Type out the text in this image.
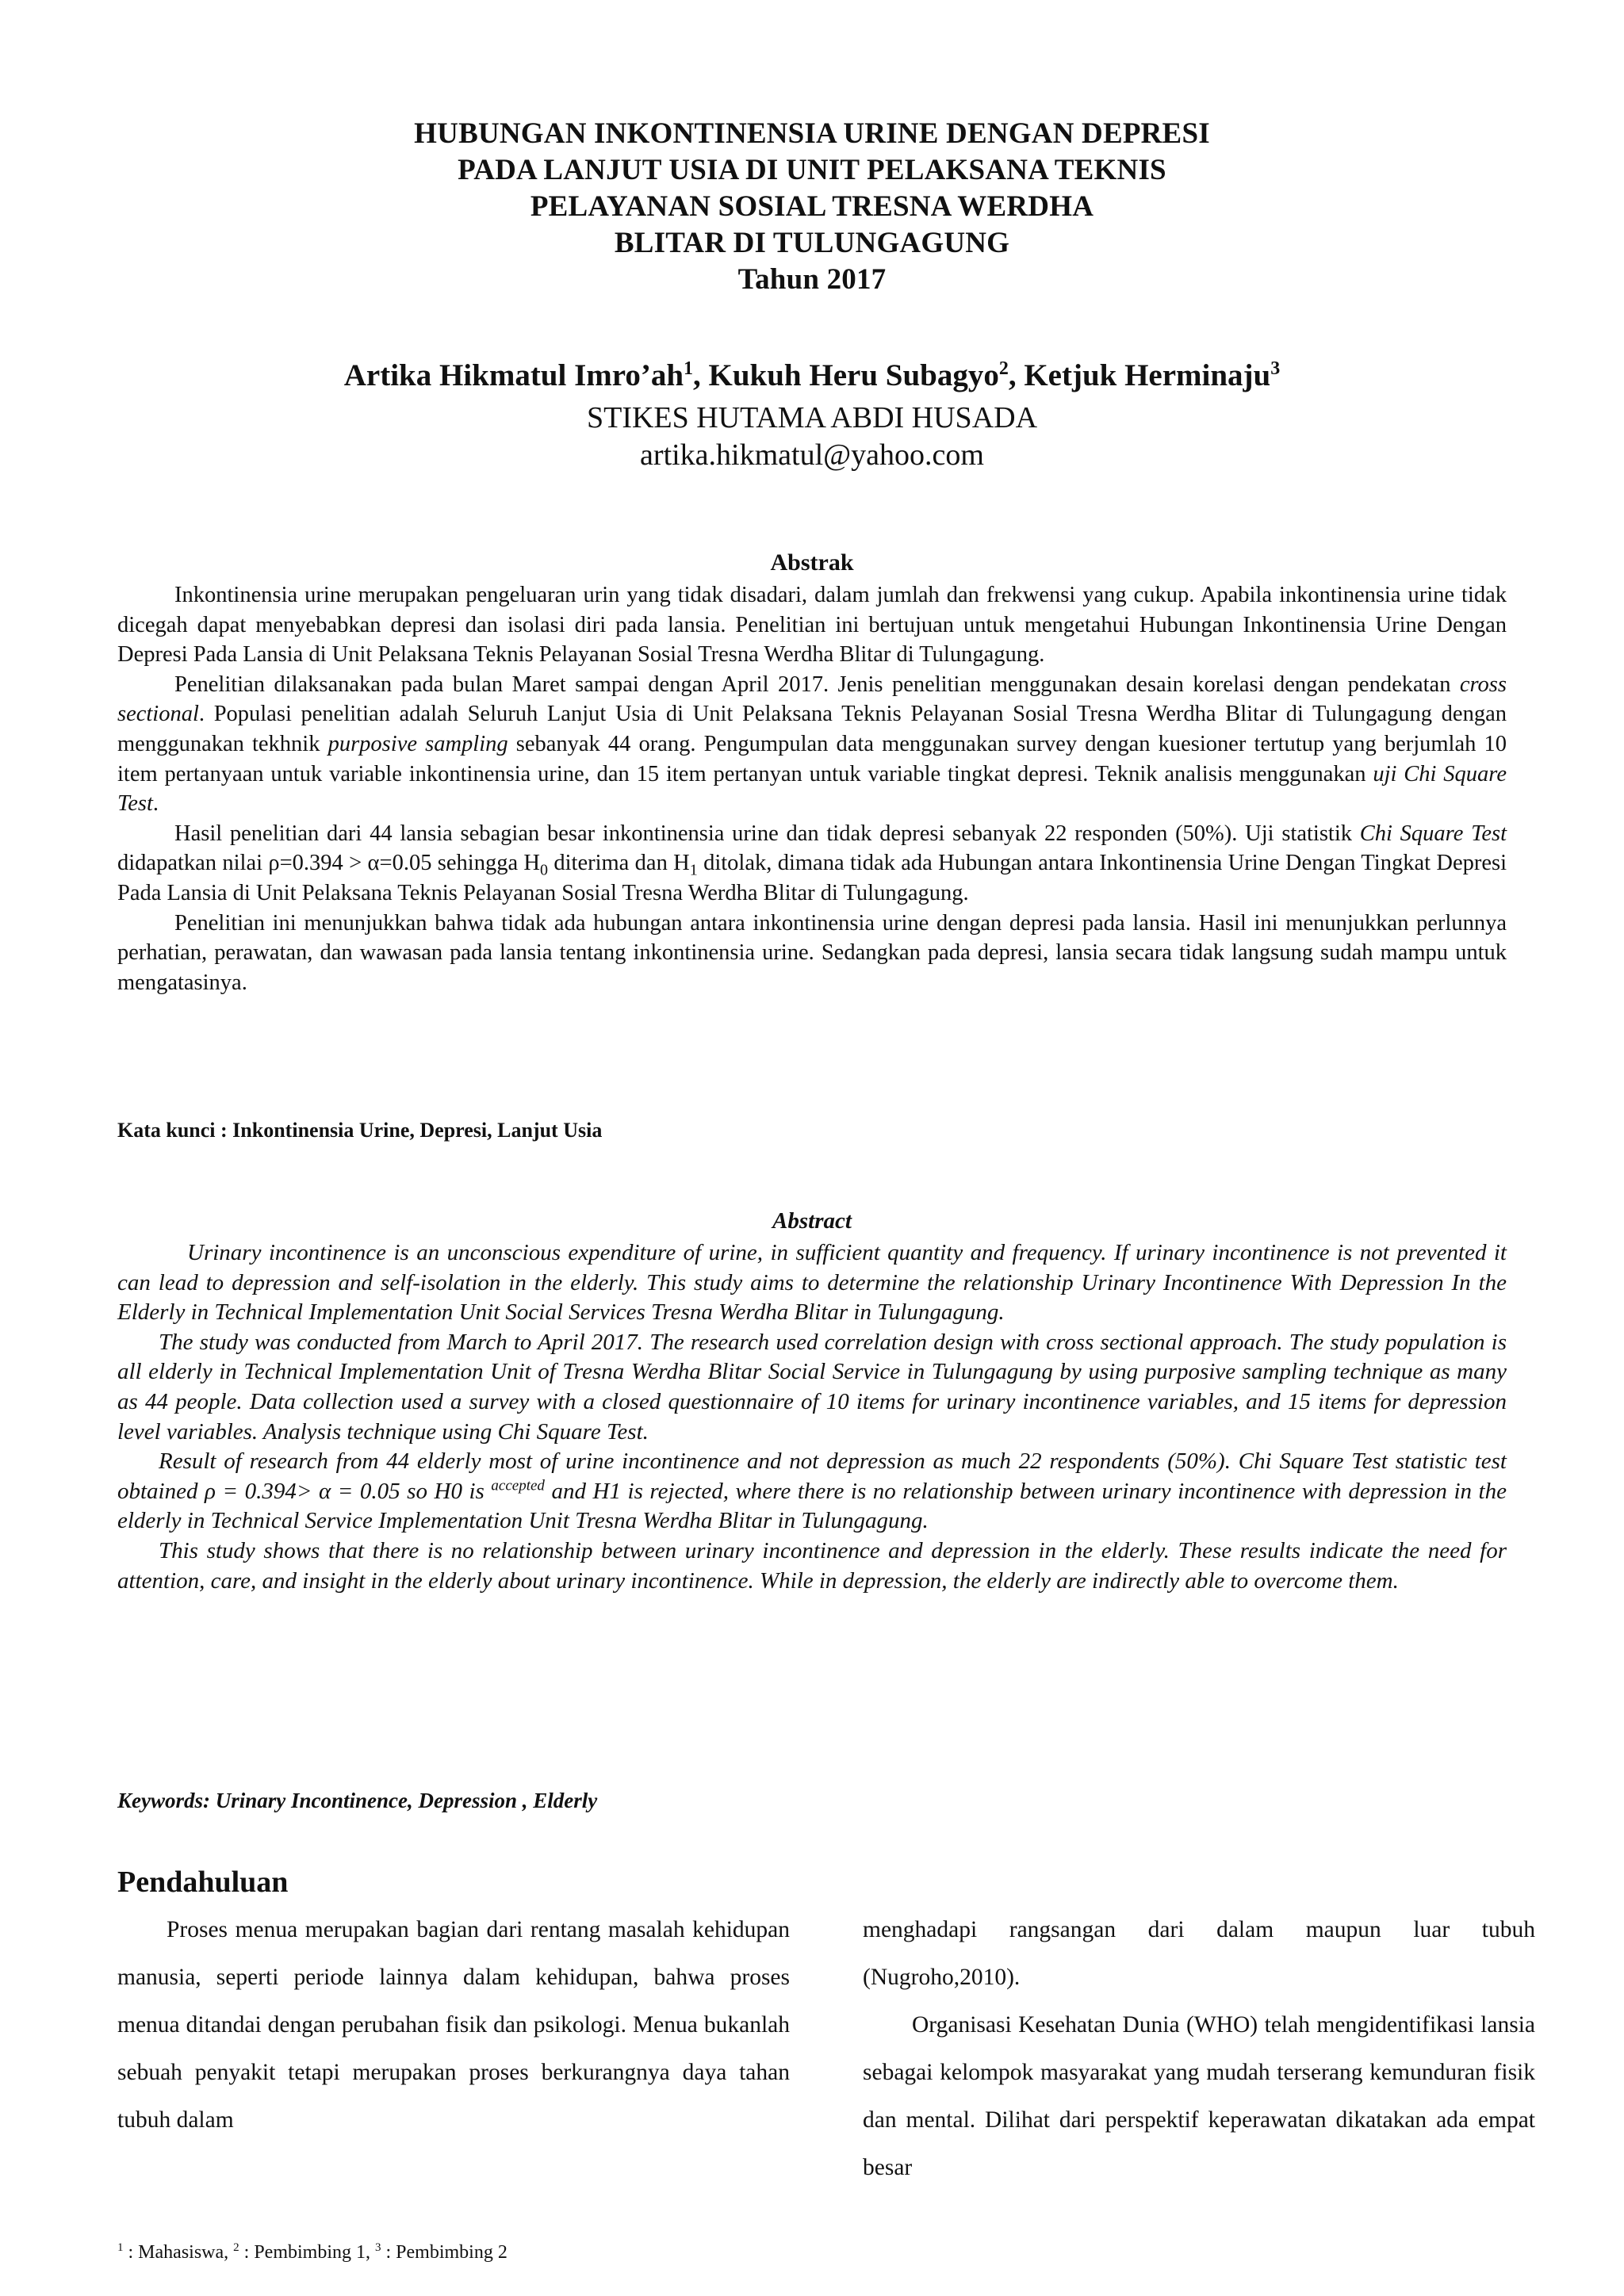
HUBUNGAN INKONTINENSIA URINE DENGAN DEPRESI
PADA LANJUT USIA DI UNIT PELAKSANA TEKNIS
PELAYANAN SOSIAL TRESNA WERDHA
BLITAR DI TULUNGAGUNG
Tahun 2017
Artika Hikmatul $Imro’ah^1$, Kukuh Heru Subagyo$^2$, Ketjuk Herminaju$^3$
STIKES HUTAMA ABDI HUSADA
artika.hikmatul@yahoo.com
Abstrak

Inkontinensia urine merupakan pengeluaran urin yang tidak disadari, dalam jumlah dan frekwensi yang cukup. Apabila inkontinensia urine tidak dicegah dapat menyebabkan depresi dan isolasi diri pada lansia. Penelitian ini bertujuan untuk mengetahui Hubungan Inkontinensia Urine Dengan Depresi Pada Lansia di Unit Pelaksana Teknis Pelayanan Sosial Tresna Werdha Blitar di Tulungagung.

Penelitian dilaksanakan pada bulan Maret sampai dengan April 2017. Jenis penelitian menggunakan desain korelasi dengan pendekatan cross sectional. Populasi penelitian adalah Seluruh Lanjut Usia di Unit Pelaksana Teknis Pelayanan Sosial Tresna Werdha Blitar di Tulungagung dengan menggunakan tekhnik purposive sampling sebanyak 44 orang. Pengumpulan data menggunakan survey dengan kuesioner tertutup yang berjumlah 10 item pertanyaan untuk variable inkontinensia urine, dan 15 item pertanyan untuk variable tingkat depresi. Teknik analisis menggunakan uji Chi Square Test.

Hasil penelitian dari 44 lansia sebagian besar inkontinensia urine dan tidak depresi sebanyak 22 responden (50%). Uji statistik Chi Square Test didapatkan nilai ρ=0.394 > α=0.05 sehingga $H_0$ diterima dan $H_1$ ditolak, dimana tidak ada Hubungan antara Inkontinensia Urine Dengan Tingkat Depresi Pada Lansia di Unit Pelaksana Teknis Pelayanan Sosial Tresna Werdha Blitar di Tulungagung.

Penelitian ini menunjukkan bahwa tidak ada hubungan antara inkontinensia urine dengan depresi pada lansia. Hasil ini menunjukkan perlunnya perhatian, perawatan, dan wawasan pada lansia tentang inkontinensia urine. Sedangkan pada depresi, lansia secara tidak langsung sudah mampu untuk mengatasinya.

Kata kunci : Inkontinensia Urine, Depresi, Lanjut Usia
Abstract

Urinary incontinence is an unconscious expenditure of urine, in sufficient quantity and frequency. If urinary incontinence is not prevented it can lead to depression and self-isolation in the elderly. This study aims to determine the relationship Urinary Incontinence With Depression In the Elderly in Technical Implementation Unit Social Services Tresna Werdha Blitar in Tulungagung.

The study was conducted from March to April 2017. The research used correlation design with cross sectional approach. The study population is all elderly in Technical Implementation Unit of Tresna Werdha Blitar Social Service in Tulungagung by using purposive sampling technique as many as 44 people. Data collection used a survey with a closed questionnaire of 10 items for urinary incontinence variables, and 15 items for depression level variables. Analysis technique using Chi Square Test.

Result of research from 44 elderly most of urine incontinence and not depression as much 22 respondents (50%). Chi Square Test statistic test obtained ρ = 0.394> α = 0.05 so H0 is $^{accepted}$ and H1 is rejected, where there is no relationship between urinary incontinence with depression in the elderly in Technical Service Implementation Unit Tresna Werdha Blitar in Tulungagung.

This study shows that there is no relationship between urinary incontinence and depression in the elderly. These results indicate the need for attention, care, and insight in the elderly about urinary incontinence. While in depression, the elderly are indirectly able to overcome them.

Keywords: Urinary Incontinence, Depression , Elderly
Pendahuluan

Proses menua merupakan bagian dari rentang masalah kehidupan manusia, seperti periode lainnya dalam kehidupan, bahwa proses menua ditandai dengan perubahan fisik dan psikologi. Menua bukanlah sebuah penyakit tetapi merupakan proses berkurangnya daya tahan tubuh dalam

menghadapi rangsangan dari dalam maupun luar tubuh (Nugroho,2010).

Organisasi Kesehatan Dunia (WHO) telah mengidentifikasi lansia sebagai kelompok masyarakat yang mudah terserang kemunduran fisik dan mental. Dilihat dari perspektif keperawatan dikatakan ada empat besar

$^1$ : Mahasiswa, $^2$ : Pembimbing 1, $^3$ : Pembimbing 2
